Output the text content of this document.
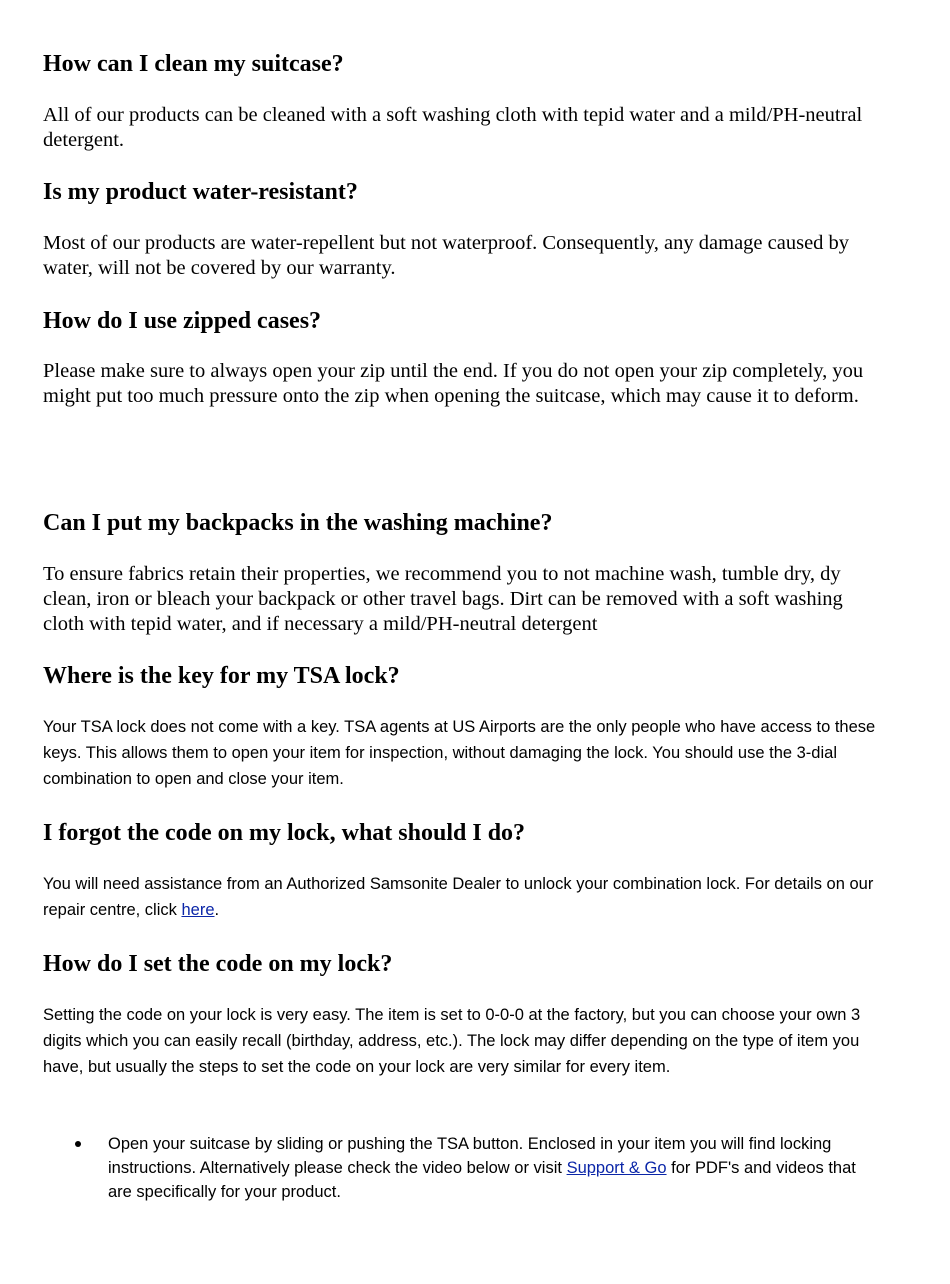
How can I clean my suitcase?

All of our products can be cleaned with a soft washing cloth with tepid water and a mild/PH-neutral detergent.

Is my product water-resistant?

Most of our products are water-repellent but not waterproof. Consequently, any damage caused by water, will not be covered by our warranty.

How do I use zipped cases?

Please make sure to always open your zip until the end. If you do not open your zip completely, you might put too much pressure onto the zip when opening the suitcase, which may cause it to deform.

Can I put my backpacks in the washing machine?

To ensure fabrics retain their properties, we recommend you to not machine wash, tumble dry, dy clean, iron or bleach your backpack or other travel bags. Dirt can be removed with a soft washing cloth with tepid water, and if necessary a mild/PH-neutral detergent

Where is the key for my TSA lock?

Your TSA lock does not come with a key. TSA agents at US Airports are the only people who have access to these keys. This allows them to open your item for inspection, without damaging the lock. You should use the 3-dial combination to open and close your item.

I forgot the code on my lock, what should I do?

You will need assistance from an Authorized Samsonite Dealer to unlock your combination lock. For details on our repair centre, click here.

How do I set the code on my lock?

Setting the code on your lock is very easy. The item is set to 0-0-0 at the factory, but you can choose your own 3 digits which you can easily recall (birthday, address, etc.). The lock may differ depending on the type of item you have, but usually the steps to set the code on your lock are very similar for every item.

Open your suitcase by sliding or pushing the TSA button. Enclosed in your item you will find locking instructions. Alternatively please check the video below or visit Support & Go for PDF's and videos that are specifically for your product.
